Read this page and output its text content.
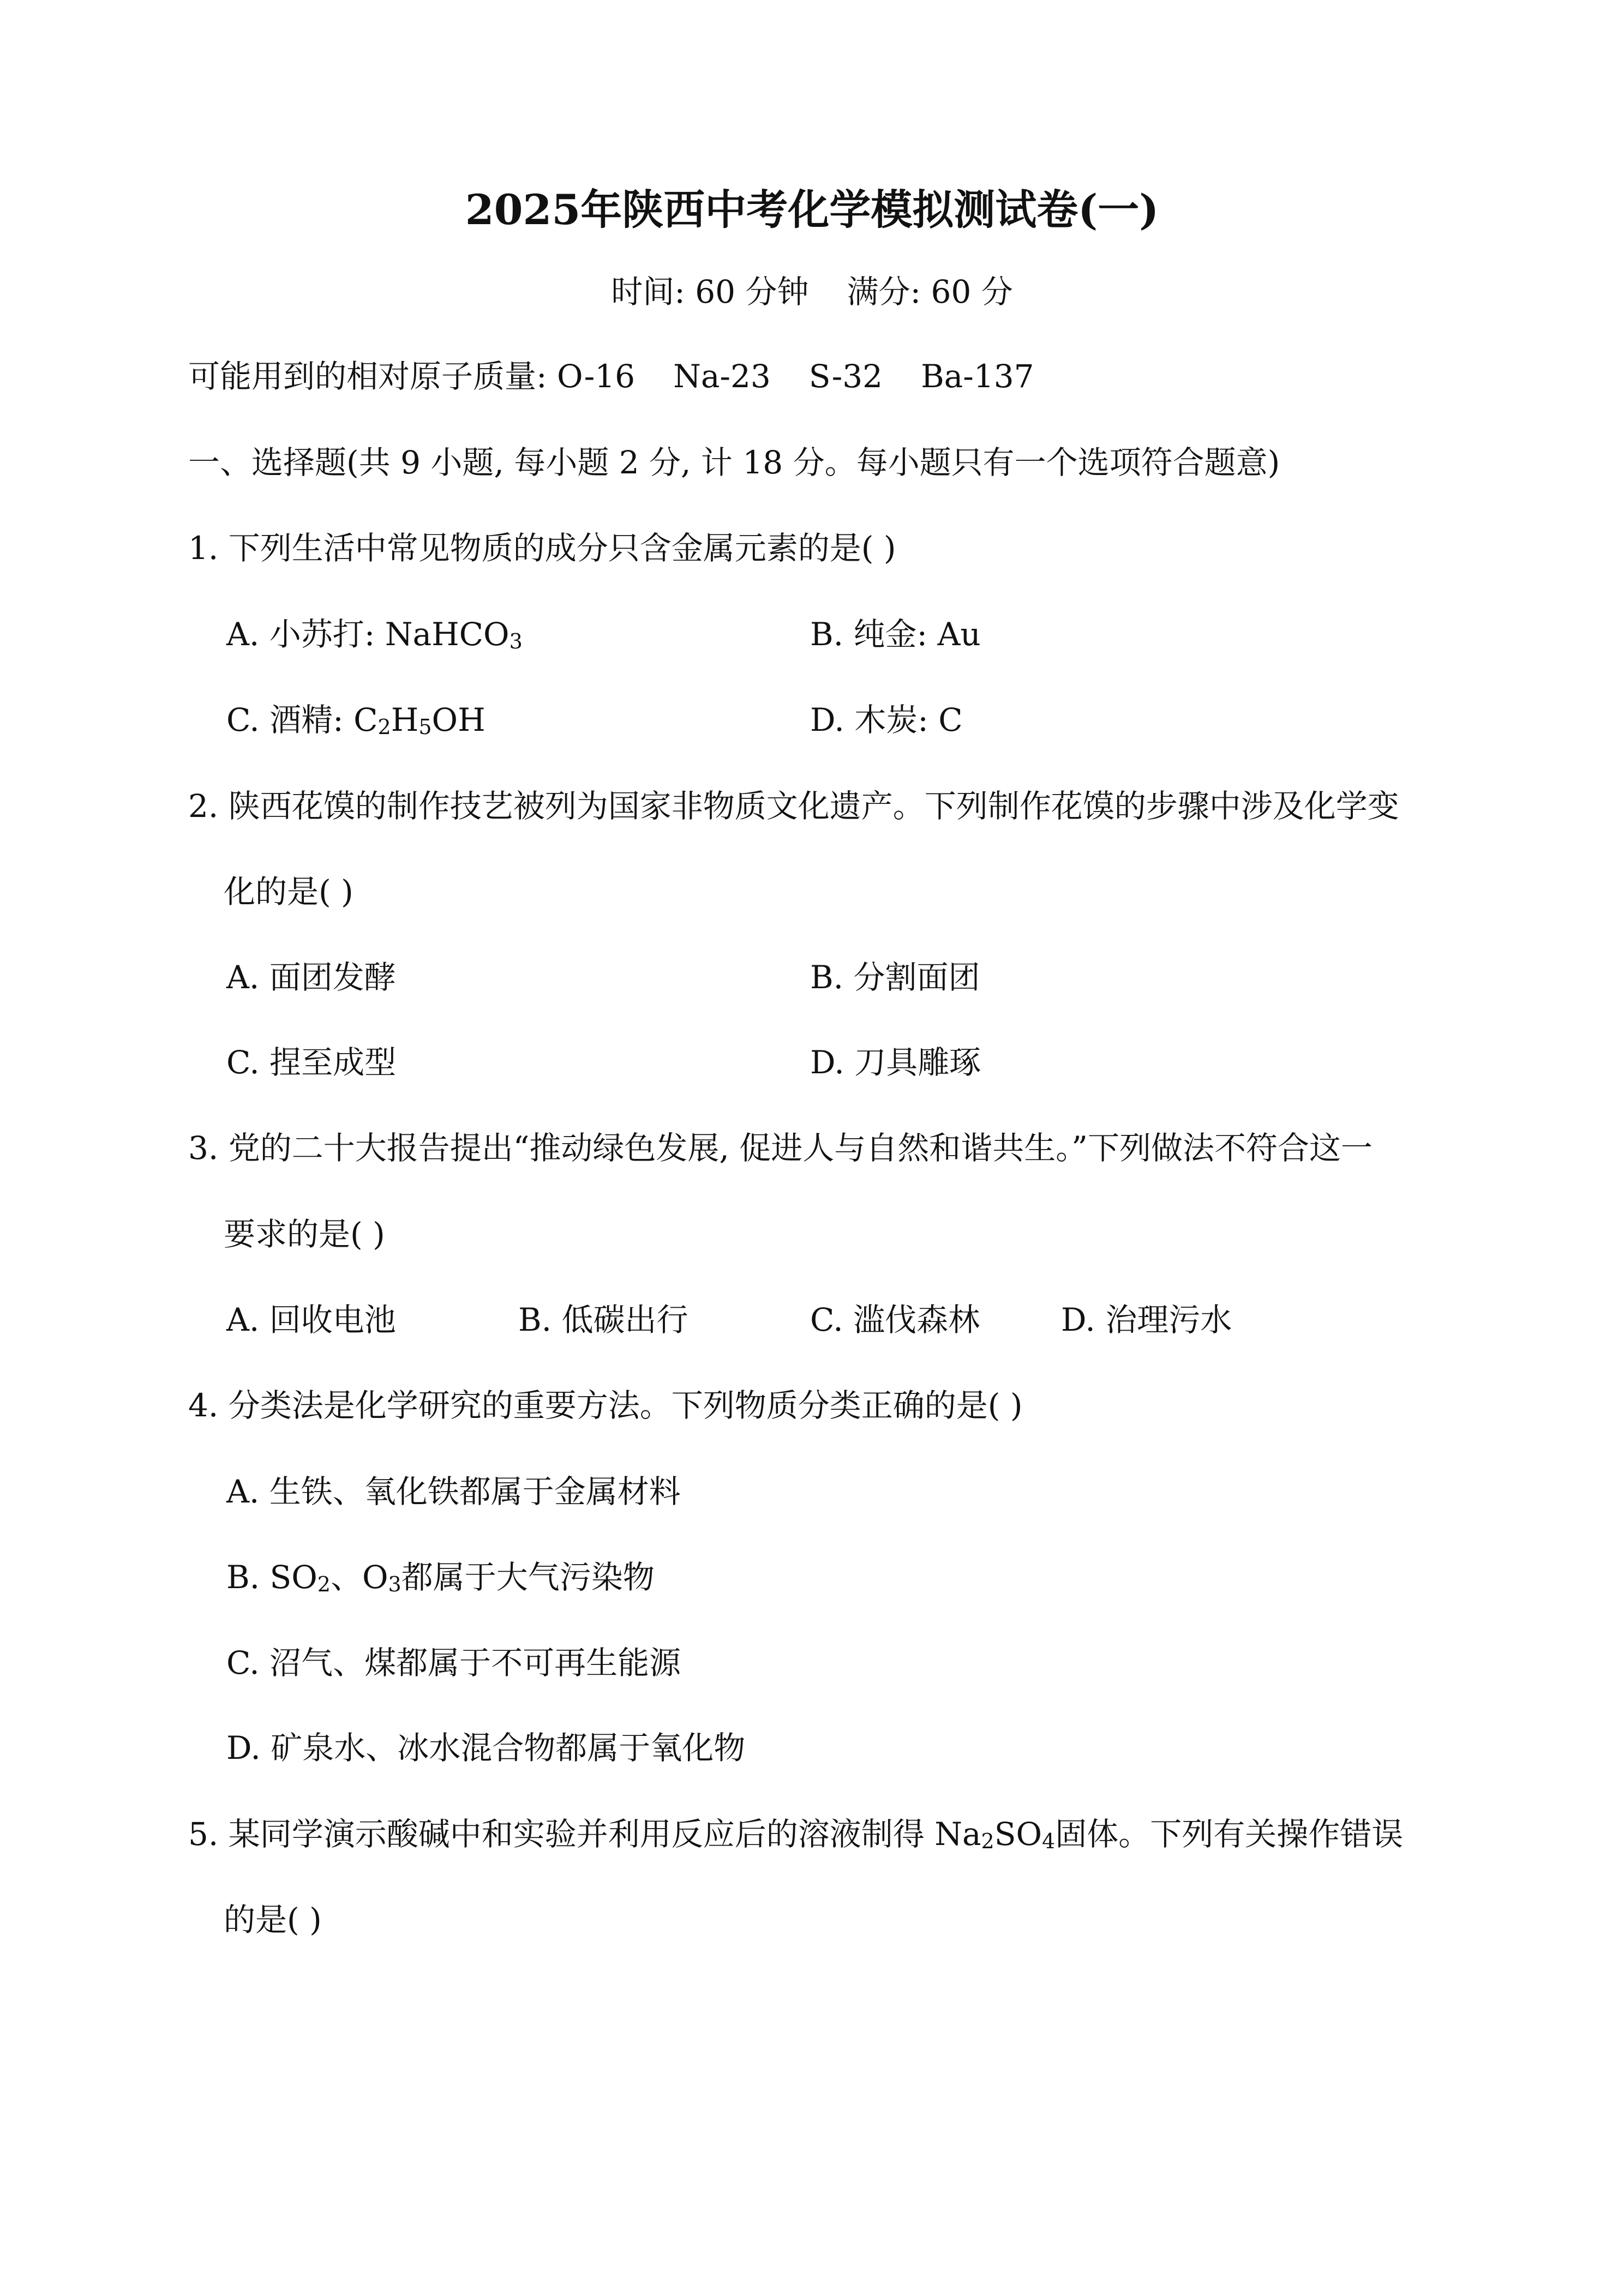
2025年陕西中考化学模拟测试卷(一)
时间: 60 分钟 满分: 60 分
可能用到的相对原子质量: O-16 Na-23 S-32 Ba-137
一、选择题(共 9 小题, 每小题 2 分, 计 18 分。每小题只有一个选项符合题意)
1. 下列生活中常见物质的成分只含金属元素的是( )
A. 小苏打: NaHCO3	B. 纯金: Au
C. 酒精: C2H5OH	D. 木炭: C
2. 陕西花馍的制作技艺被列为国家非物质文化遗产。下列制作花馍的步骤中涉及化学变
化的是( )
A. 面团发酵	B. 分割面团
C. 捏至成型	D. 刀具雕琢
3. 党的二十大报告提出“推动绿色发展, 促进人与自然和谐共生。”下列做法不符合这一
要求的是( )
A. 回收电池	B. 低碳出行	C. 滥伐森林	D. 治理污水
4. 分类法是化学研究的重要方法。下列物质分类正确的是( )
A. 生铁、氧化铁都属于金属材料
B. SO2、O3都属于大气污染物
C. 沼气、煤都属于不可再生能源
D. 矿泉水、冰水混合物都属于氧化物
5. 某同学演示酸碱中和实验并利用反应后的溶液制得 Na2SO4固体。下列有关操作错误
的是( )
